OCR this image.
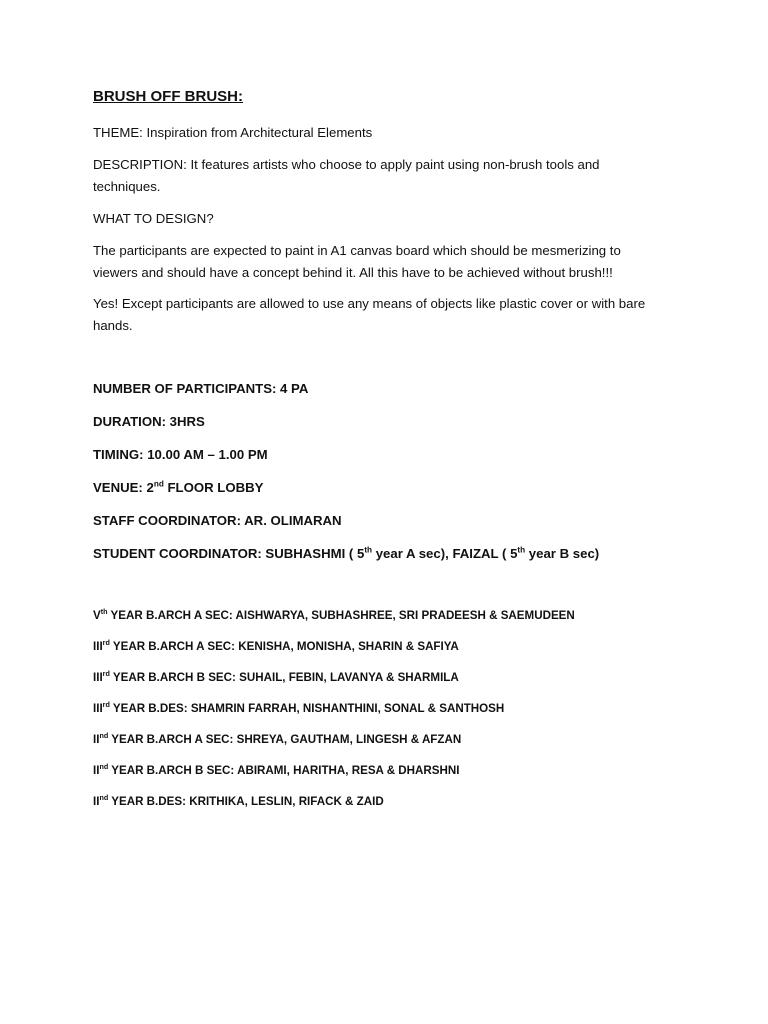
BRUSH OFF BRUSH:
THEME: Inspiration from Architectural Elements
DESCRIPTION: It features artists who choose to apply paint using non-brush tools and techniques.
WHAT TO DESIGN?
The participants are expected to paint in A1 canvas board which should be mesmerizing to viewers and should have a concept behind it. All this have to be achieved without brush!!!
Yes! Except participants are allowed to use any means of objects like plastic cover or with bare hands.
NUMBER OF PARTICIPANTS: 4 PA
DURATION: 3HRS
TIMING: 10.00 AM – 1.00 PM
VENUE: 2nd FLOOR LOBBY
STAFF COORDINATOR: AR. OLIMARAN
STUDENT COORDINATOR: SUBHASHMI ( 5th year A sec), FAIZAL ( 5th year B sec)
Vth YEAR B.ARCH A SEC: AISHWARYA, SUBHASHREE, SRI PRADEESH & SAEMUDEEN
IIIrd YEAR B.ARCH A SEC: KENISHA, MONISHA, SHARIN & SAFIYA
IIIrd YEAR B.ARCH B SEC: SUHAIL, FEBIN, LAVANYA & SHARMILA
IIIrd YEAR B.DES: SHAMRIN FARRAH, NISHANTHINI, SONAL & SANTHOSH
IInd YEAR B.ARCH A SEC: SHREYA, GAUTHAM, LINGESH & AFZAN
IInd YEAR B.ARCH B SEC: ABIRAMI, HARITHA, RESA & DHARSHNI
IInd YEAR B.DES: KRITHIKA, LESLIN, RIFACK & ZAID
